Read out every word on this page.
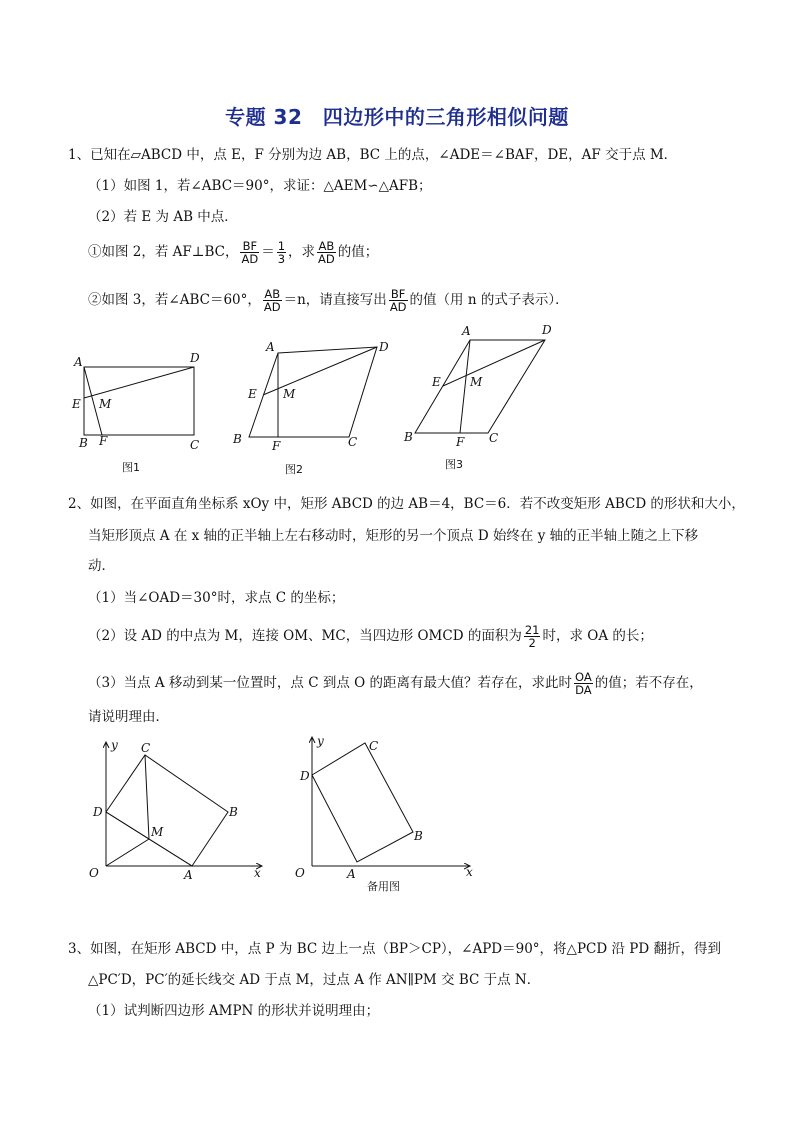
专题 32　四边形中的三角形相似问题
1、已知在▱ABCD 中，点 E，F 分别为边 AB，BC 上的点，∠ADE＝∠BAF，DE，AF 交于点 M．
（1）如图 1，若∠ABC＝90°，求证：△AEM∽△AFB；
（2）若 E 为 AB 中点．
①如图 2，若 AF⊥BC， $\frac{BF}{AD} = \frac{1}{3}$ ，求 $\frac{AB}{AD}$ 的值；
②如图 3，若∠ABC＝60°， $\frac{AB}{AD} =n$，请直接写出 $\frac{BF}{AD}$ 的值（用 n 的式子表示）．
A	D
E M
B F	C
图1
A	D
E M
B	F	C
图2
A	D
E M
B	F C
图3
2、如图，在平面直角坐标系 xOy 中，矩形 ABCD 的边 AB＝4，BC＝6．若不改变矩形 ABCD 的形状和大小，
当矩形顶点 A 在 x 轴的正半轴上左右移动时，矩形的另一个顶点 D 始终在 y 轴的正半轴上随之上下移
动．
（1）当∠OAD＝30°时，求点 C 的坐标；
（2）设 AD 的中点为 M，连接 OM、MC，当四边形 OMCD 的面积为 $\frac{21}{2}$ 时，求 OA 的长；
（3）当点 A 移动到某一位置时，点 C 到点 O 的距离有最大值？若存在，求此时 $\frac{OA}{DA}$ 的值；若不存在，
请说明理由．
y
x
O	A
B
C
D
M
y
x
O	A
B
C
D
备用图
3、如图，在矩形 ABCD 中，点 P 为 BC 边上一点（BP＞CP），∠APD＝90°，将△PCD 沿 PD 翻折，得到
△PC′D，PC′的延长线交 AD 于点 M，过点 A 作 AN∥PM 交 BC 于点 N．
（1）试判断四边形 AMPN 的形状并说明理由；
